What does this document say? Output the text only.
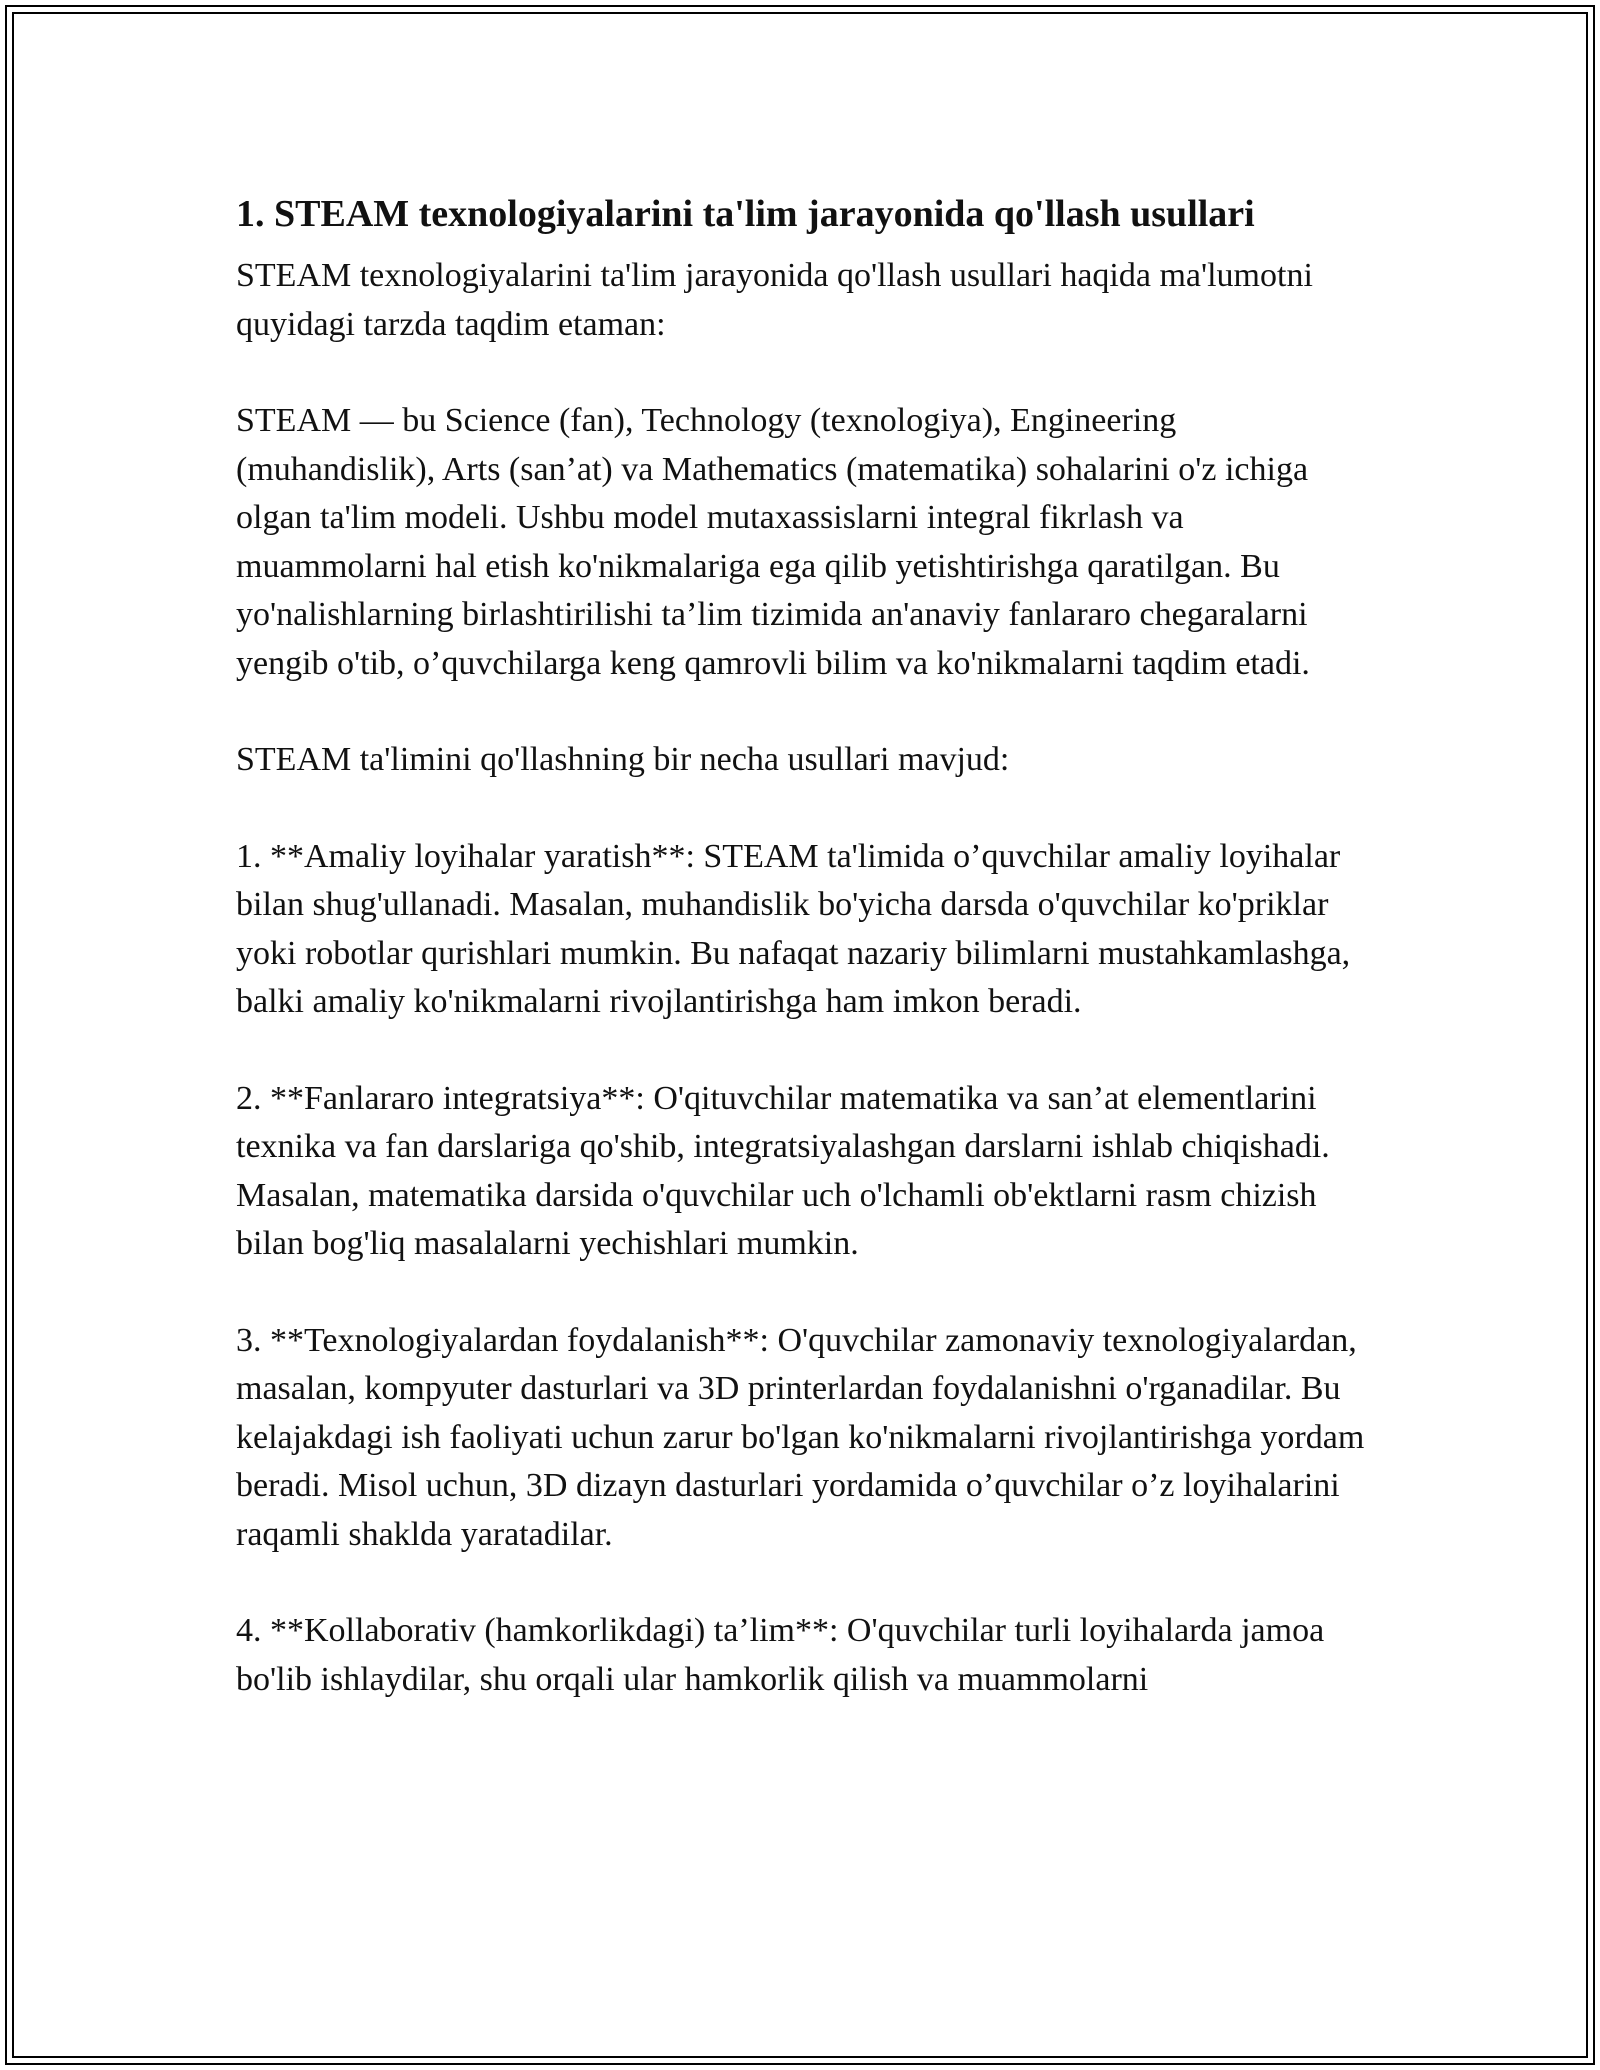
1. STEAM texnologiyalarini ta'lim jarayonida qo'llash usullari

STEAM texnologiyalarini ta'lim jarayonida qo'llash usullari haqida ma'lumotni quyidagi tarzda taqdim etaman:

STEAM — bu Science (fan), Technology (texnologiya), Engineering (muhandislik), Arts (san’at) va Mathematics (matematika) sohalarini o'z ichiga olgan ta'lim modeli. Ushbu model mutaxassislarni integral fikrlash va muammolarni hal etish ko'nikmalariga ega qilib yetishtirishga qaratilgan. Bu yo'nalishlarning birlashtirilishi ta’lim tizimida an'anaviy fanlararo chegaralarni yengib o'tib, o’quvchilarga keng qamrovli bilim va ko'nikmalarni taqdim etadi.

STEAM ta'limini qo'llashning bir necha usullari mavjud:

1. **Amaliy loyihalar yaratish**: STEAM ta'limida o’quvchilar amaliy loyihalar bilan shug'ullanadi. Masalan, muhandislik bo'yicha darsda o'quvchilar ko'priklar yoki robotlar qurishlari mumkin. Bu nafaqat nazariy bilimlarni mustahkamlashga, balki amaliy ko'nikmalarni rivojlantirishga ham imkon beradi.

2. **Fanlararo integratsiya**: O'qituvchilar matematika va san’at elementlarini texnika va fan darslariga qo'shib, integratsiyalashgan darslarni ishlab chiqishadi. Masalan, matematika darsida o'quvchilar uch o'lchamli ob'ektlarni rasm chizish bilan bog'liq masalalarni yechishlari mumkin.

3. **Texnologiyalardan foydalanish**: O'quvchilar zamonaviy texnologiyalardan, masalan, kompyuter dasturlari va 3D printerlardan foydalanishni o'rganadilar. Bu kelajakdagi ish faoliyati uchun zarur bo'lgan ko'nikmalarni rivojlantirishga yordam beradi. Misol uchun, 3D dizayn dasturlari yordamida o’quvchilar o’z loyihalarini raqamli shaklda yaratadilar.

4. **Kollaborativ (hamkorlikdagi) ta’lim**: O'quvchilar turli loyihalarda jamoa bo'lib ishlaydilar, shu orqali ular hamkorlik qilish va muammolarni
